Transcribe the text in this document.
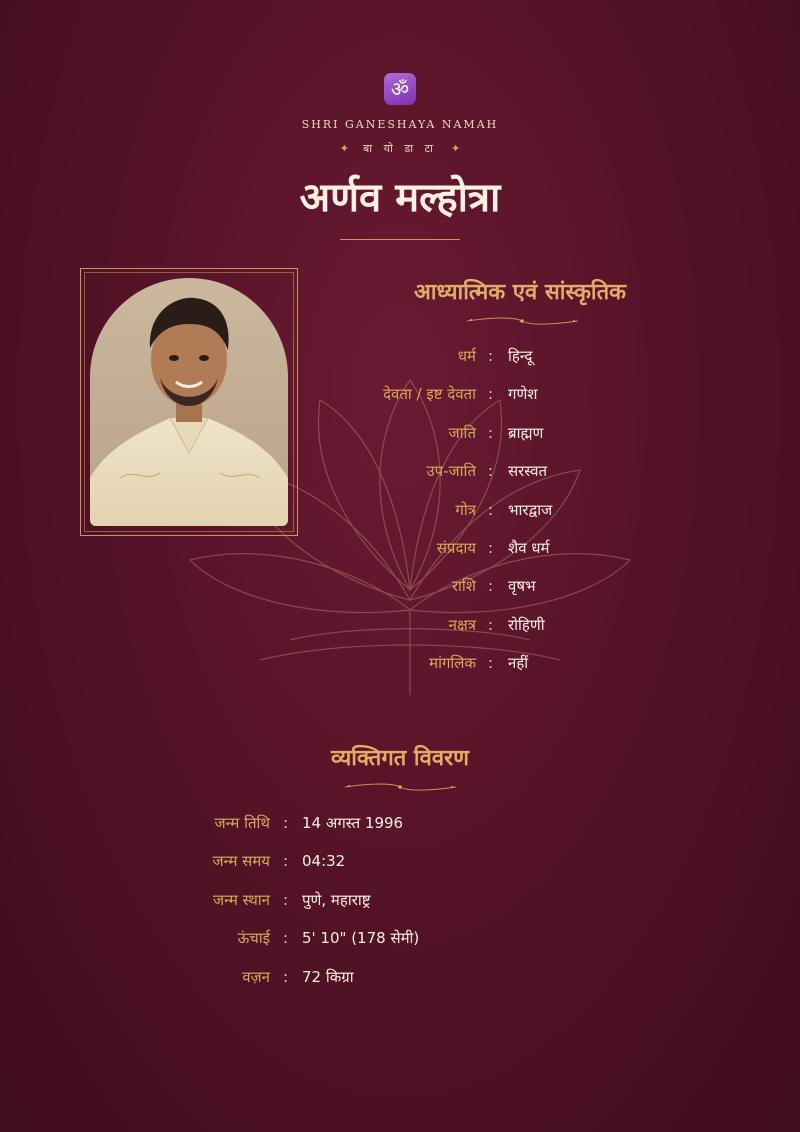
ॐ
SHRI GANESHAYA NAMAH
✦ बा यो डा टा ✦
अर्णव मल्होत्रा
आध्यात्मिक एवं सांस्कृतिक
धर्म : हिन्दू
देवता / इष्ट देवता : गणेश
जाति : ब्राह्मण
उप-जाति : सरस्वत
गोत्र : भारद्वाज
संप्रदाय : शैव धर्म
राशि : वृषभ
नक्षत्र : रोहिणी
मांगलिक : नहीं
व्यक्तिगत विवरण
जन्म तिथि : 14 अगस्त 1996
जन्म समय : 04:32
जन्म स्थान : पुणे, महाराष्ट्र
ऊंचाई : 5' 10" (178 सेमी)
वज़न : 72 किग्रा
